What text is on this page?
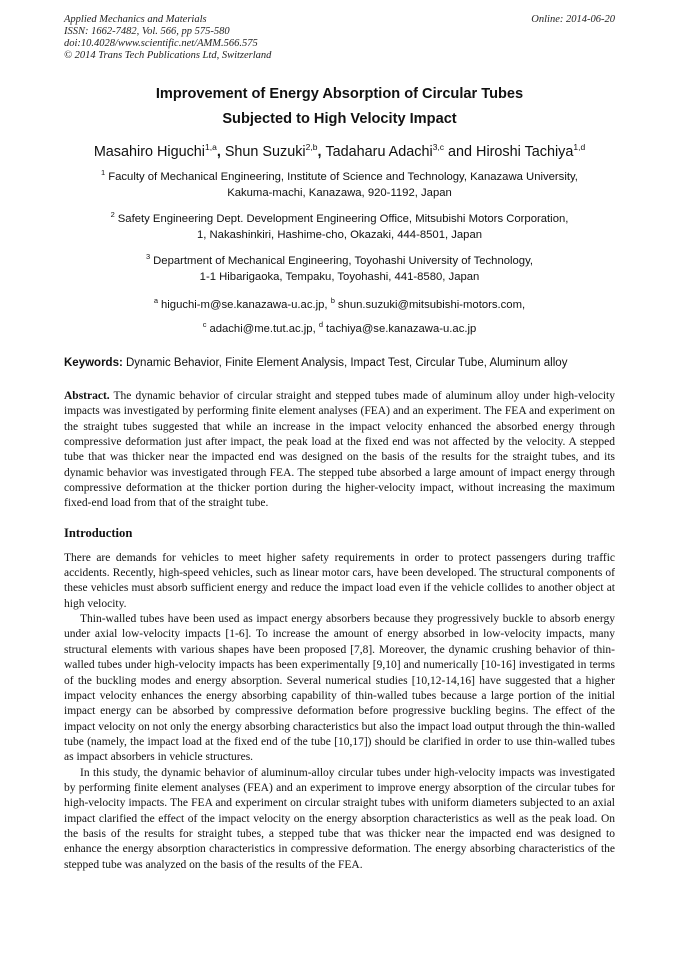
Applied Mechanics and Materials
ISSN: 1662-7482, Vol. 566, pp 575-580
doi:10.4028/www.scientific.net/AMM.566.575
© 2014 Trans Tech Publications Ltd, Switzerland
Online: 2014-06-20
Improvement of Energy Absorption of Circular Tubes
Subjected to High Velocity Impact
Masahiro Higuchi$^{1,a}$, Shun Suzuki$^{2,b}$, Tadaharu Adachi$^{3,c}$ and Hiroshi Tachiya$^{1,d}$
$^1$ Faculty of Mechanical Engineering, Institute of Science and Technology, Kanazawa University,
Kakuma-machi, Kanazawa, 920-1192, Japan
$^2$ Safety Engineering Dept. Development Engineering Office, Mitsubishi Motors Corporation,
1, Nakashinkiri, Hashime-cho, Okazaki, 444-8501, Japan
$^3$ Department of Mechanical Engineering, Toyohashi University of Technology,
1-1 Hibarigaoka, Tempaku, Toyohashi, 441-8580, Japan
$^a$ higuchi-m@se.kanazawa-u.ac.jp, $^b$ shun.suzuki@mitsubishi-motors.com,
$^c$ adachi@me.tut.ac.jp, $^d$ tachiya@se.kanazawa-u.ac.jp
Keywords: Dynamic Behavior, Finite Element Analysis, Impact Test, Circular Tube, Aluminum alloy
Abstract. The dynamic behavior of circular straight and stepped tubes made of aluminum alloy under high-velocity impacts was investigated by performing finite element analyses (FEA) and an experiment. The FEA and experiment on the straight tubes suggested that while an increase in the impact velocity enhanced the absorbed energy through compressive deformation just after impact, the peak load at the fixed end was not affected by the velocity. A stepped tube that was thicker near the impacted end was designed on the basis of the results for the straight tubes, and its dynamic behavior was investigated through FEA. The stepped tube absorbed a large amount of impact energy through compressive deformation at the thicker portion during the higher-velocity impact, without increasing the maximum fixed-end load from that of the straight tube.
Introduction
There are demands for vehicles to meet higher safety requirements in order to protect passengers during traffic accidents. Recently, high-speed vehicles, such as linear motor cars, have been developed. The structural components of these vehicles must absorb sufficient energy and reduce the impact load even if the vehicle collides to another object at high velocity.
Thin-walled tubes have been used as impact energy absorbers because they progressively buckle to absorb energy under axial low-velocity impacts [1-6]. To increase the amount of energy absorbed in low-velocity impacts, many structural elements with various shapes have been proposed [7,8]. Moreover, the dynamic crushing behavior of thin-walled tubes under high-velocity impacts has been experimentally [9,10] and numerically [10-16] investigated in terms of the buckling modes and energy absorption. Several numerical studies [10,12-14,16] have suggested that a higher impact velocity enhances the energy absorbing capability of thin-walled tubes because a large portion of the initial impact energy can be absorbed by compressive deformation before progressive buckling begins. The effect of the impact velocity on not only the energy absorbing characteristics but also the impact load output through the thin-walled tube (namely, the impact load at the fixed end of the tube [10,17]) should be clarified in order to use thin-walled tubes as impact absorbers in vehicle structures.
In this study, the dynamic behavior of aluminum-alloy circular tubes under high-velocity impacts was investigated by performing finite element analyses (FEA) and an experiment to improve energy absorption of the circular tubes for high-velocity impacts. The FEA and experiment on circular straight tubes with uniform diameters subjected to an axial impact clarified the effect of the impact velocity on the energy absorption characteristics as well as the peak load. On the basis of the results for straight tubes, a stepped tube that was thicker near the impacted end was designed to enhance the energy absorption characteristics in compressive deformation. The energy absorbing characteristics of the stepped tube was analyzed on the basis of the results of the FEA.
